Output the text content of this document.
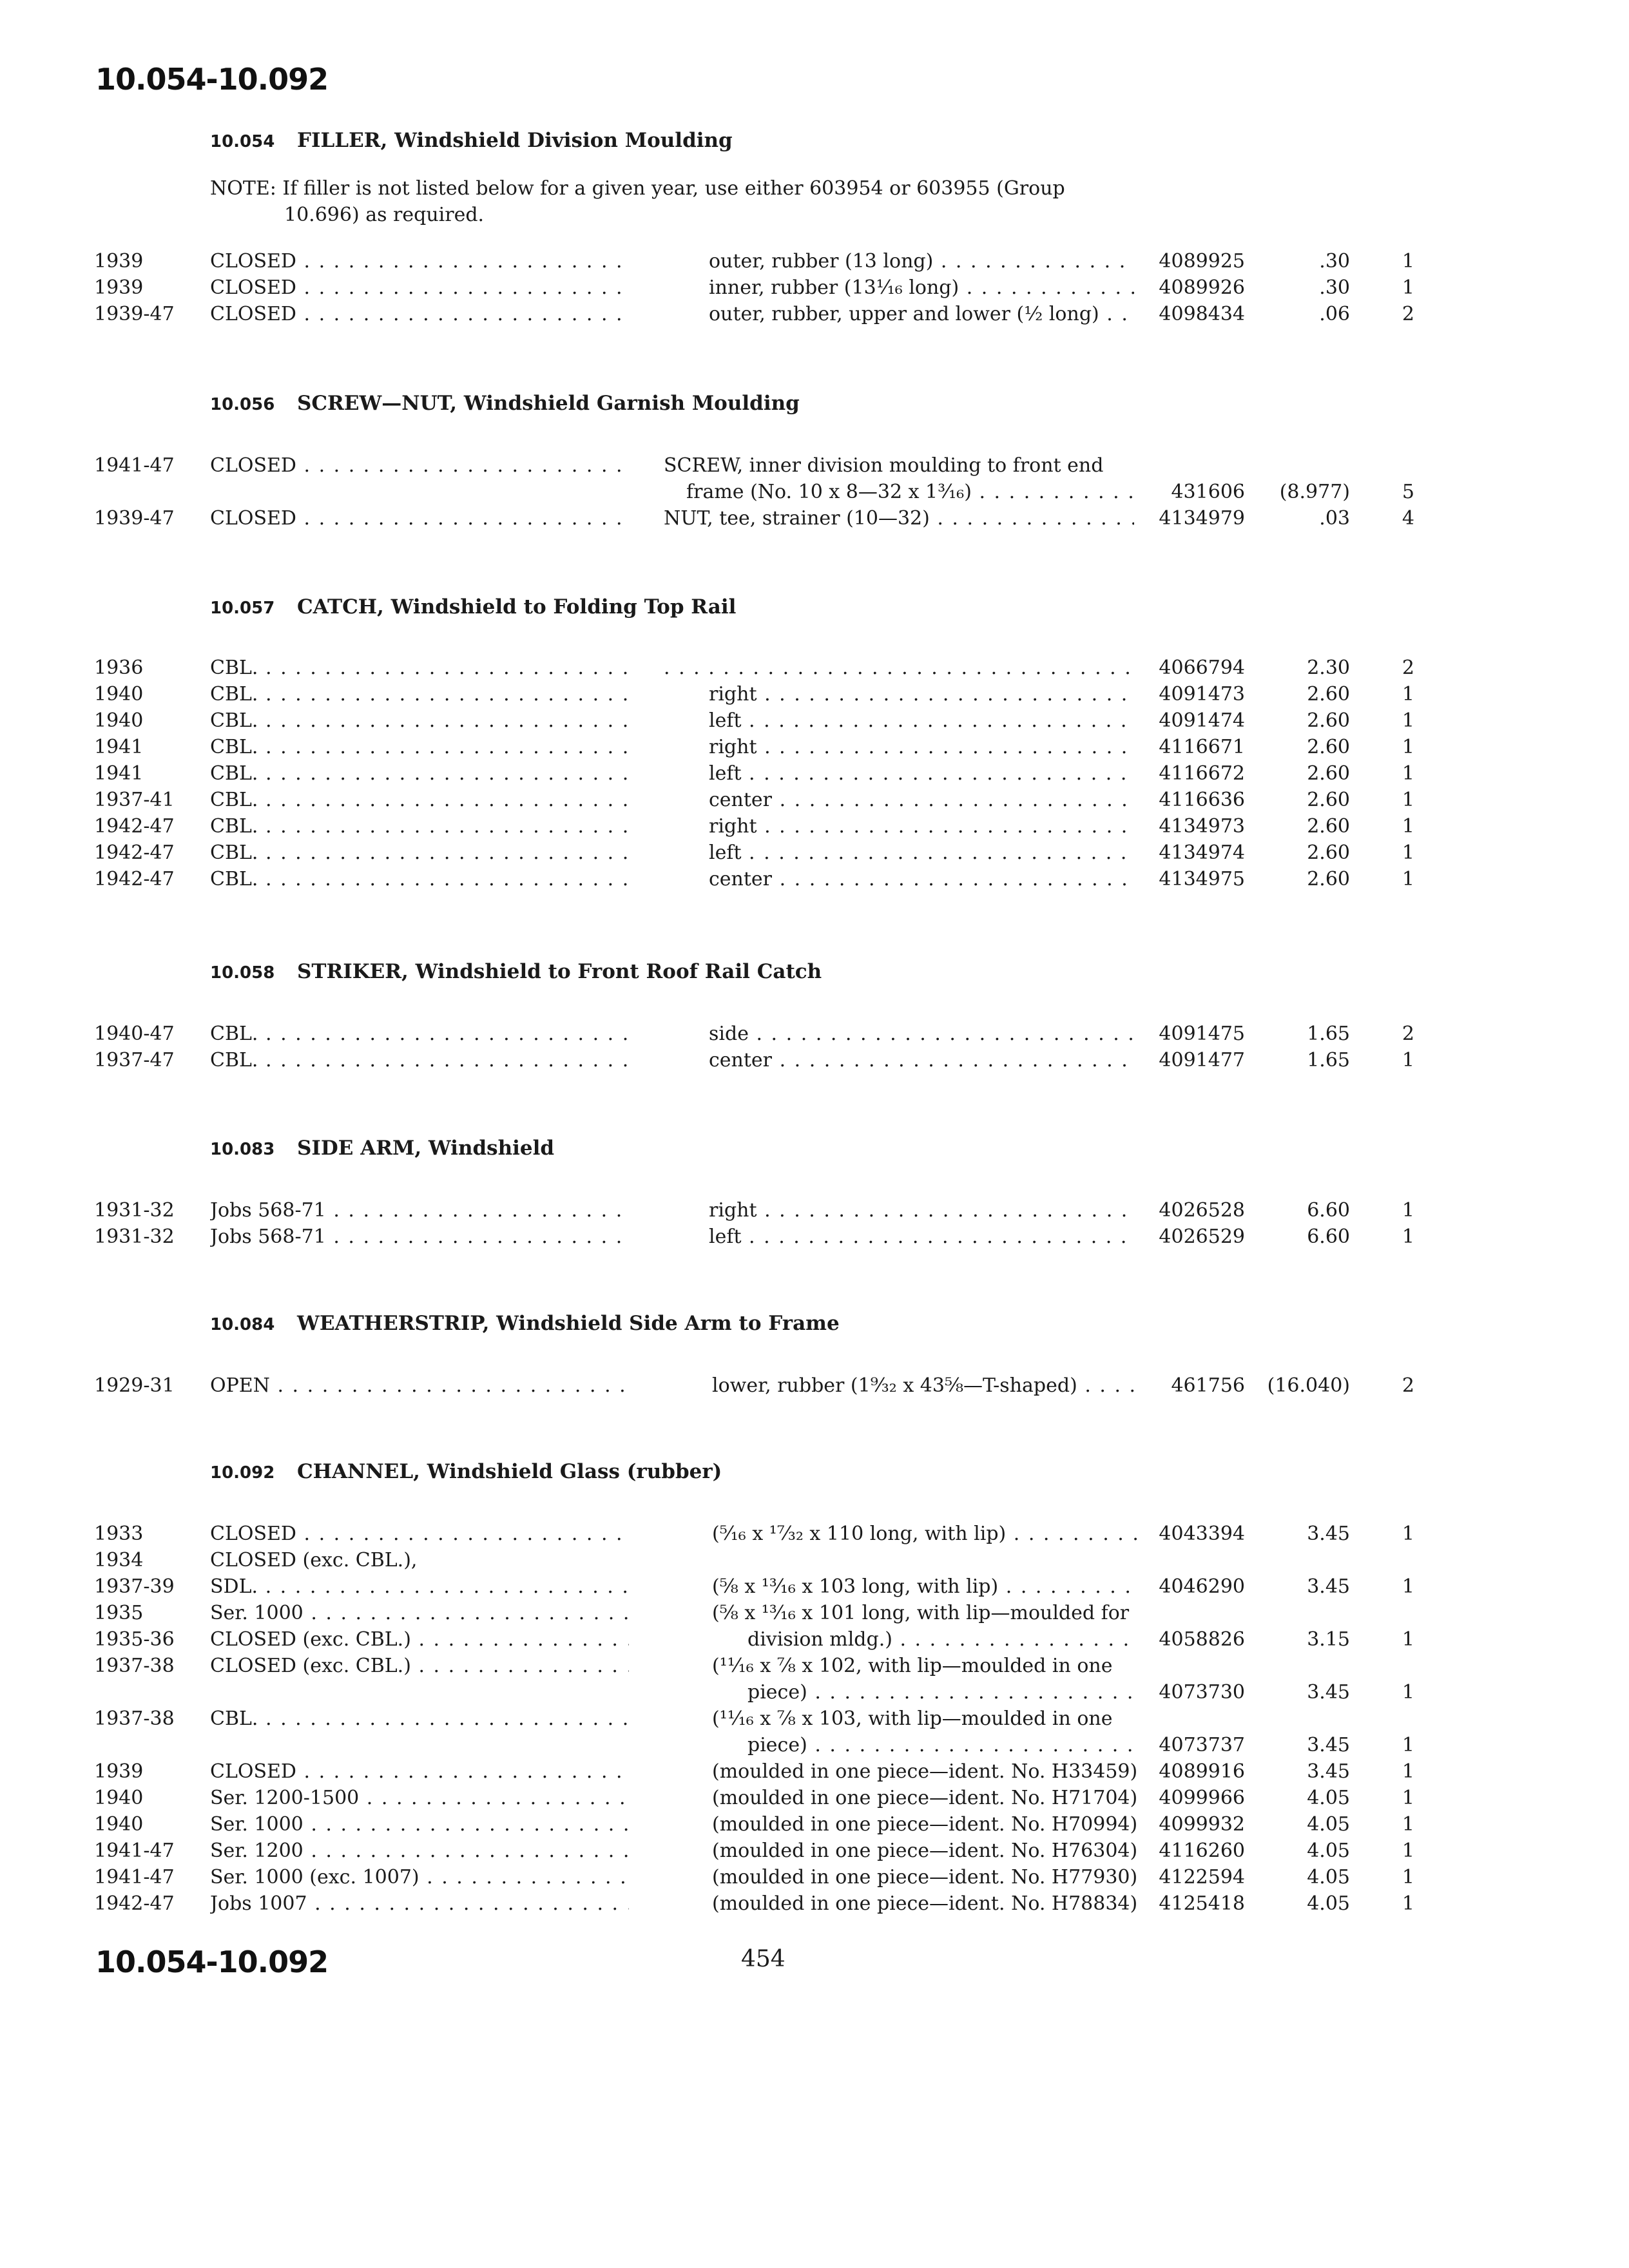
10.054-10.092
10.054 FILLER, Windshield Division Moulding
NOTE: If filler is not listed below for a given year, use either 603954 or 603955 (Group
10.696) as required.
1939	CLOSED . . .	outer, rubber (13 long) . . .	4089925	.30	1
1939	CLOSED . . .	inner, rubber (13¹⁄₁₆ long) . . .	4089926	.30	1
1939-47 CLOSED . . .	outer, rubber, upper and lower (½ long) . . .	4098434	.06	2
10.056 SCREW—NUT, Windshield Garnish Moulding
1941-47 CLOSED . . .	SCREW, inner division moulding to front end
frame (No. 10 x 8—32 x 1³⁄₁₆) . . .	431606	(8.977)	5
1939-47 CLOSED . . .	NUT, tee, strainer (10—32) . . .	4134979	.03	4
10.057 CATCH, Windshield to Folding Top Rail
1936	CBL. . . .
. . .	4066794	2.30	2
1940	CBL. . . .	right . . .	4091473	2.60	1
1940	CBL. . . .	left . . .	4091474	2.60	1
1941	CBL. . . .	right . . .	4116671	2.60	1
1941	CBL. . . .	left . . .	4116672	2.60	1
1937-41 CBL. . . .	center . . .	4116636	2.60	1
1942-47 CBL. . . .	right . . .	4134973	2.60	1
1942-47 CBL. . . .	left . . .	4134974	2.60	1
1942-47 CBL. . . .	center . . .	4134975	2.60	1
10.058 STRIKER, Windshield to Front Roof Rail Catch
1940-47 CBL. . . .	side . . .	4091475	1.65	2
1937-47 CBL. . . .	center . . .	4091477	1.65	1
10.083 SIDE ARM, Windshield
1931-32 Jobs 568-71 . . .	right . . .	4026528	6.60	1
1931-32 Jobs 568-71 . . .	left . . .	4026529	6.60	1
10.084 WEATHERSTRIP, Windshield Side Arm to Frame
1929-31 OPEN . . .	lower, rubber (1⁹⁄₃₂ x 43⅝—T-shaped) . . .	461756	(16.040)	2
10.092 CHANNEL, Windshield Glass (rubber)
1933	CLOSED . . .	(⁵⁄₁₆ x ¹⁷⁄₃₂ x 110 long, with lip) . . .	4043394	3.45	1
1934	CLOSED (exc. CBL.),
1937-39 SDL. . . .	(⅝ x ¹³⁄₁₆ x 103 long, with lip) . . .	4046290	3.45	1
1935	Ser. 1000 . . .	(⅝ x ¹³⁄₁₆ x 101 long, with lip—moulded for
1935-36 CLOSED (exc. CBL.) . . .	division mldg.) . . .	4058826	3.15	1
1937-38 CLOSED (exc. CBL.) . . .	(¹¹⁄₁₆ x ⅞ x 102, with lip—moulded in one
piece) . . .	4073730	3.45	1
1937-38 CBL. . . .	(¹¹⁄₁₆ x ⅞ x 103, with lip—moulded in one
piece) . . .	4073737	3.45	1
1939	CLOSED . . .	(moulded in one piece—ident. No. H33459) 4089916	3.45	1
1940	Ser. 1200-1500 . . .	(moulded in one piece—ident. No. H71704) 4099966	4.05	1
1940	Ser. 1000 . . .	(moulded in one piece—ident. No. H70994) 4099932	4.05	1
1941-47 Ser. 1200 . . .	(moulded in one piece—ident. No. H76304) 4116260	4.05	1
1941-47 Ser. 1000 (exc. 1007) . . .	(moulded in one piece—ident. No. H77930) 4122594	4.05	1
1942-47 Jobs 1007 . . .	(moulded in one piece—ident. No. H78834) 4125418	4.05	1
10.054-10.092	454
